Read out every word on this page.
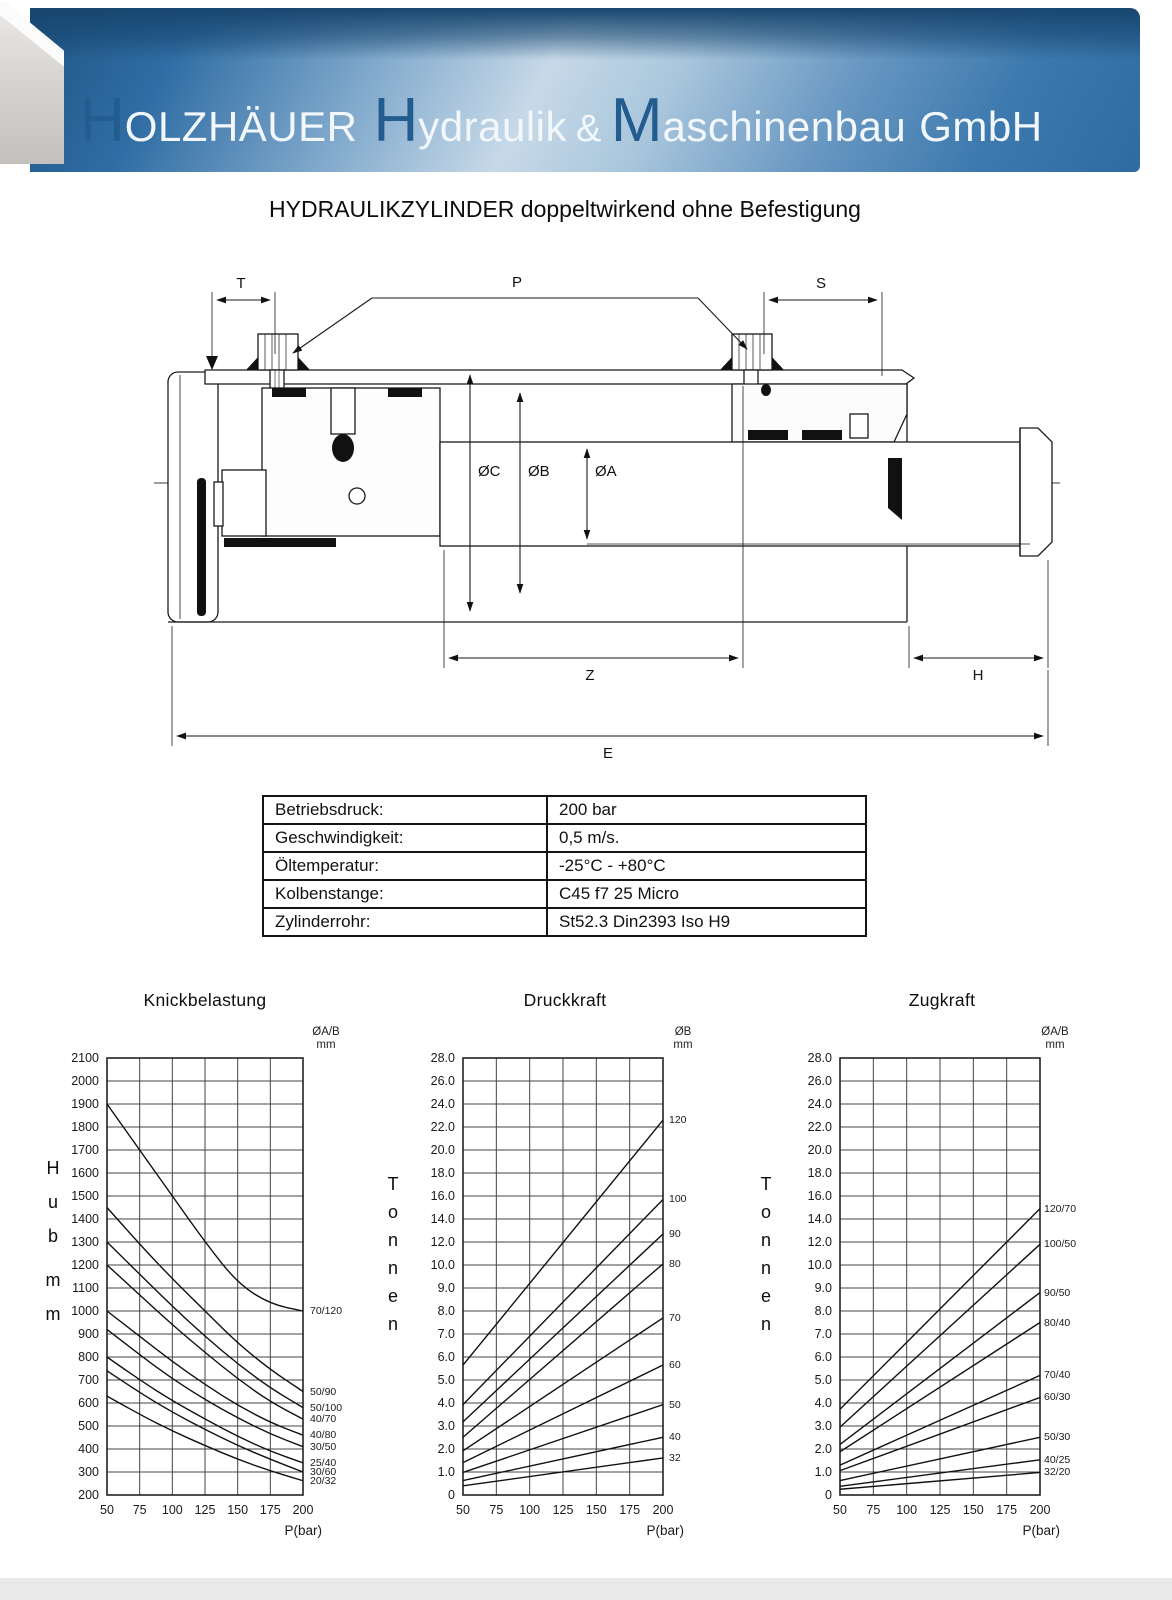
H OLZHÄUER H ydraulik & M aschinenbau GmbH
HYDRAULIKZYLINDER doppeltwirkend ohne Befestigung
T	P	S
ØC ØB	ØA
Z	H
E
Betriebsdruck:	200 bar
Geschwindigkeit:	0,5 m/s.
Öltemperatur:	-25°C - +80°C
Kolbenstange:	C45 f7 25 Micro
Zylinderrohr:	St52.3 Din2393 Iso H9
Knickbelastung
ØA/B
mm
2100
2000
1900
1800
1700
1600
1500
1400
1300
1200
1100
1000
900
800
700
600
500
400
300
200
50	75	100 125 150 175 200
P(bar)
70/120
50/90
50/100
40/70
40/80
30/50
25/40
30/60
20/32
H
u
b
m
m
Druckkraft
ØB
mm
28.0
26.0
24.0
22.0
20.0
18.0
16.0
14.0
12.0
10.0
9.0
8.0
7.0
6.0
5.0
4.0
3.0
2.0
1.0
0
50	75	100 125 150 175 200
P(bar)
120
100
90
80
70
60
50
40
32
T
o
n
n
e
n
Zugkraft
ØA/B
mm
28.0
26.0
24.0
22.0
20.0
18.0
16.0
14.0
12.0
10.0
9.0
8.0
7.0
6.0
5.0
4.0
3.0
2.0
1.0
0
50	75	100 125 150 175 200
P(bar)
120/70
100/50
90/50
80/40
70/40
60/30
50/30
40/25
32/20
T
o
n
n
e
n
